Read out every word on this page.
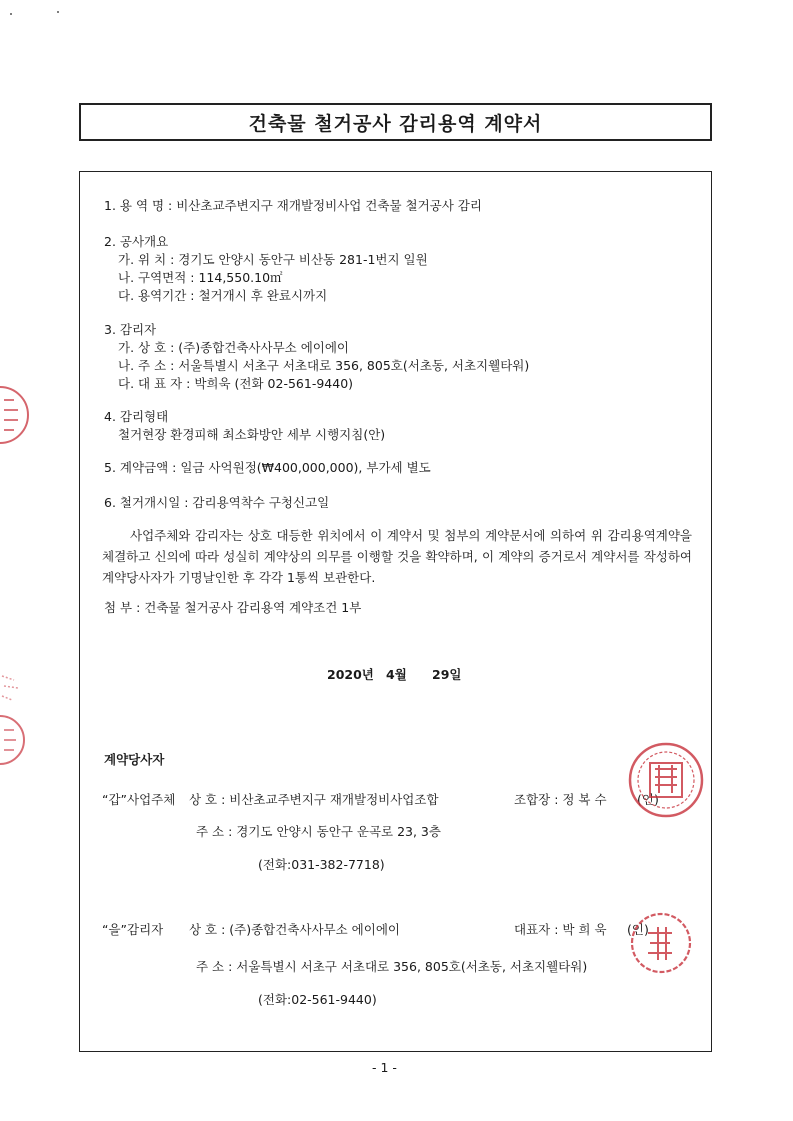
건축물 철거공사 감리용역 계약서
1. 용 역 명 : 비산초교주변지구 재개발정비사업 건축물 철거공사 감리
2. 공사개요
가. 위 치 : 경기도 안양시 동안구 비산동 281-1번지 일원
나. 구역면적 : 114,550.10㎡
다. 용역기간 : 철거개시 후 완료시까지
3. 감리자
가. 상 호 : (주)종합건축사사무소 에이에이
나. 주 소 : 서울특별시 서초구 서초대로 356, 805호(서초동, 서초지웰타워)
다. 대 표 자 : 박희욱 (전화 02-561-9440)
4. 감리형태
철거현장 환경피해 최소화방안 세부 시행지침(안)
5. 계약금액 : 일금 사억원정(₩400,000,000), 부가세 별도
6. 철거개시일 : 감리용역착수 구청신고일
사업주체와 감리자는 상호 대등한 위치에서 이 계약서 및 첨부의 계약문서에 의하여 위 감리용역계약을 체결하고 신의에 따라 성실히 계약상의 의무를 이행할 것을 확약하며, 이 계약의 증거로서 계약서를 작성하여 계약당사자가 기명날인한 후 각각 1통씩 보관한다.
첨 부 : 건축물 철거공사 감리용역 계약조건 1부
2020년 4월 29일
계약당사자
“갑”사업주체 상 호 : 비산초교주변지구 재개발정비사업조합	조합장 : 정 복 수 (인)
주 소 : 경기도 안양시 동안구 운곡로 23, 3층
(전화:031-382-7718)
“을”감리자 상 호 : (주)종합건축사사무소 에이에이	대표자 : 박 희 욱 (인)
주 소 : 서울특별시 서초구 서초대로 356, 805호(서초동, 서초지웰타워)
(전화:02-561-9440)
- 1 -
